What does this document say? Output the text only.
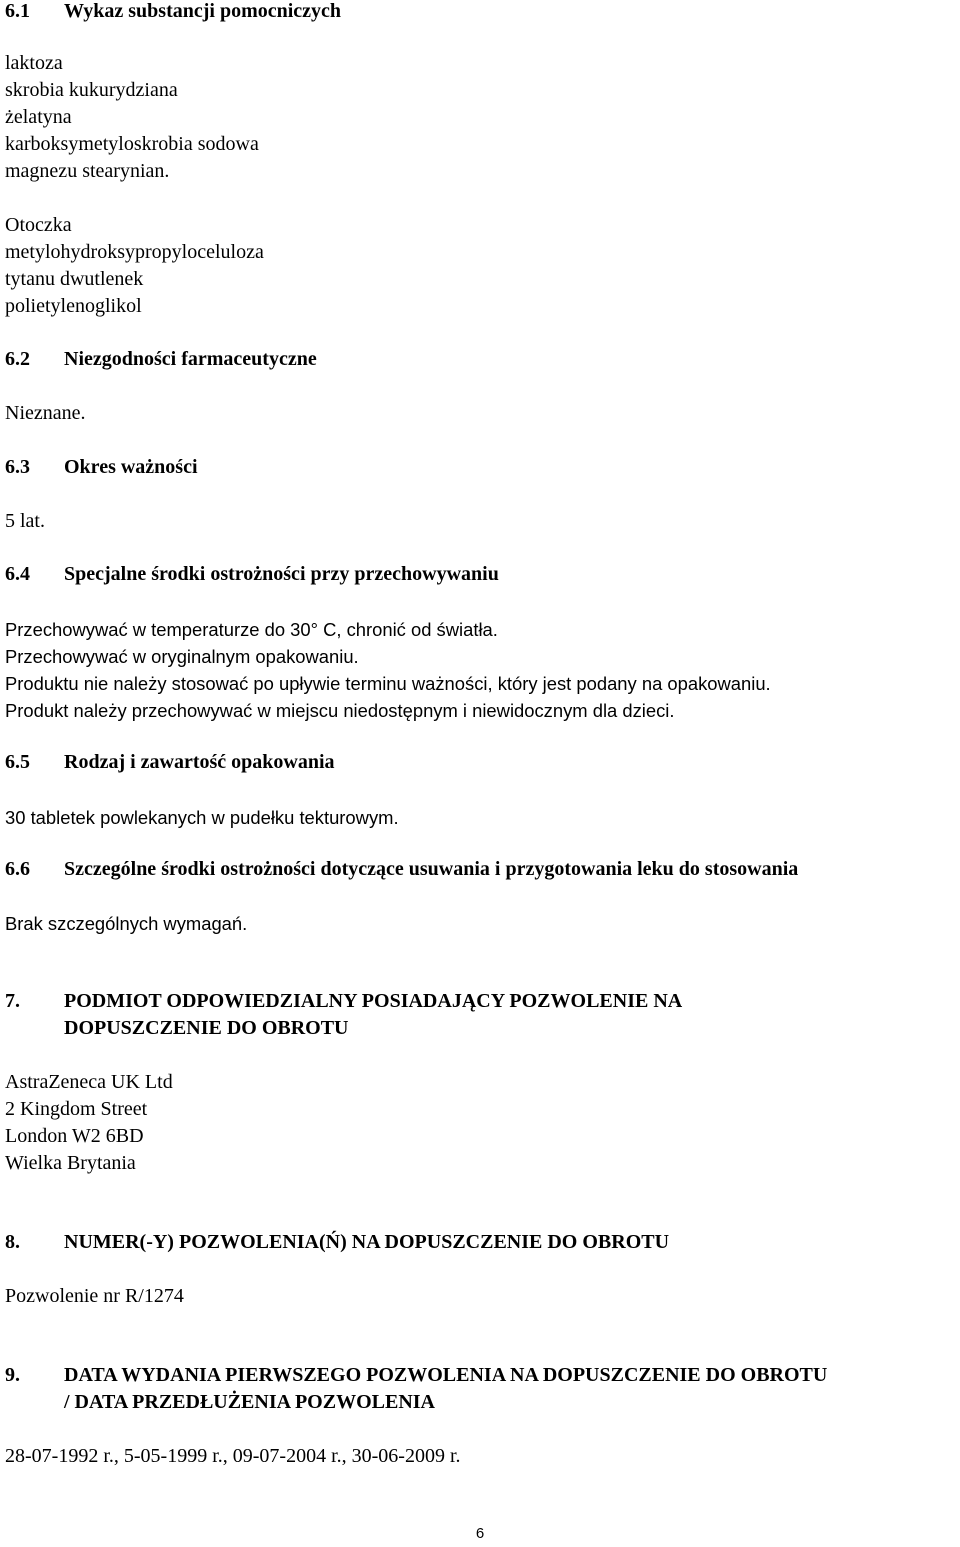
6.1 Wykaz substancji pomocniczych
laktoza
skrobia kukurydziana
żelatyna
karboksymetyloskrobia sodowa
magnezu stearynian.
Otoczka
metylohydroksypropyloceluloza
tytanu dwutlenek
polietylenoglikol
6.2 Niezgodności farmaceutyczne
Nieznane.
6.3 Okres ważności
5 lat.
6.4 Specjalne środki ostrożności przy przechowywaniu
Przechowywać w temperaturze do 30° C, chronić od światła.
Przechowywać w oryginalnym opakowaniu.
Produktu nie należy stosować po upływie terminu ważności, który jest podany na opakowaniu.
Produkt należy przechowywać w miejscu niedostępnym i niewidocznym dla dzieci.
6.5 Rodzaj i zawartość opakowania
30 tabletek powlekanych w pudełku tekturowym.
6.6 Szczególne środki ostrożności dotyczące usuwania i przygotowania leku do stosowania
Brak szczególnych wymagań.
7. PODMIOT ODPOWIEDZIALNY POSIADAJĄCY POZWOLENIE NA
DOPUSZCZENIE DO OBROTU
AstraZeneca UK Ltd
2 Kingdom Street
London W2 6BD
Wielka Brytania
8. NUMER(-Y) POZWOLENIA(Ń) NA DOPUSZCZENIE DO OBROTU
Pozwolenie nr R/1274
9. DATA WYDANIA PIERWSZEGO POZWOLENIA NA DOPUSZCZENIE DO OBROTU
/ DATA PRZEDŁUŻENIA POZWOLENIA
28-07-1992 r., 5-05-1999 r., 09-07-2004 r., 30-06-2009 r.
6
